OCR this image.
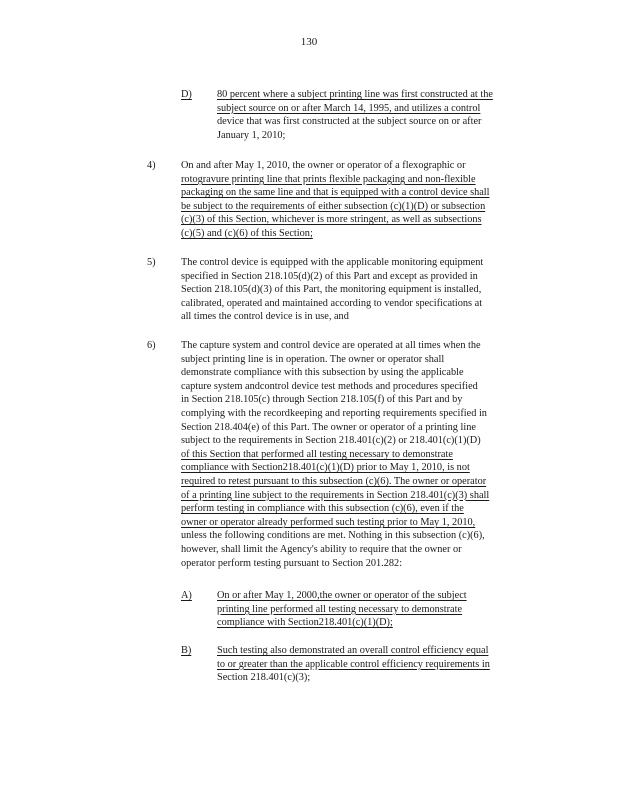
130
D) 80 percent where a subject printing line was first constructed at the
subject source on or after March 14, 1995, and utilizes a control
device that was first constructed at the subject source on or after
January 1, 2010;
4) On and after May 1, 2010, the owner or operator of a flexographic or
rotogravure printing line that prints flexible packaging and non-flexible
packaging on the same line and that is equipped with a control device shall
be subject to the requirements of either subsection (c)(1)(D) or subsection
(c)(3) of this Section, whichever is more stringent, as well as subsections
(c)(5) and (c)(6) of this Section;
5) The control device is equipped with the applicable monitoring equipment
specified in Section 218.105(d)(2) of this Part and except as provided in
Section 218.105(d)(3) of this Part, the monitoring equipment is installed,
calibrated, operated and maintained according to vendor specifications at
all times the control device is in use, and
6) The capture system and control device are operated at all times when the
subject printing line is in operation. The owner or operator shall
demonstrate compliance with this subsection by using the applicable
capture system andcontrol device test methods and procedures specified
in Section 218.105(c) through Section 218.105(f) of this Part and by
complying with the recordkeeping and reporting requirements specified in
Section 218.404(e) of this Part. The owner or operator of a printing line
subject to the requirements in Section 218.401(c)(2) or 218.401(c)(1)(D)
of this Section that performed all testing necessary to demonstrate
compliance with Section218.401(c)(1)(D) prior to May 1, 2010, is not
required to retest pursuant to this subsection (c)(6). The owner or operator
of a printing line subject to the requirements in Section 218.401(c)(3) shall
perform testing in compliance with this subsection (c)(6), even if the
owner or operator already performed such testing prior to May 1, 2010,
unless the following conditions are met. Nothing in this subsection (c)(6),
however, shall limit the Agency's ability to require that the owner or
operator perform testing pursuant to Section 201.282:
A) On or after May 1, 2000,the owner or operator of the subject
printing line performed all testing necessary to demonstrate
compliance with Section218.401(c)(1)(D);
B) Such testing also demonstrated an overall control efficiency equal
to or greater than the applicable control efficiency requirements in
Section 218.401(c)(3);
